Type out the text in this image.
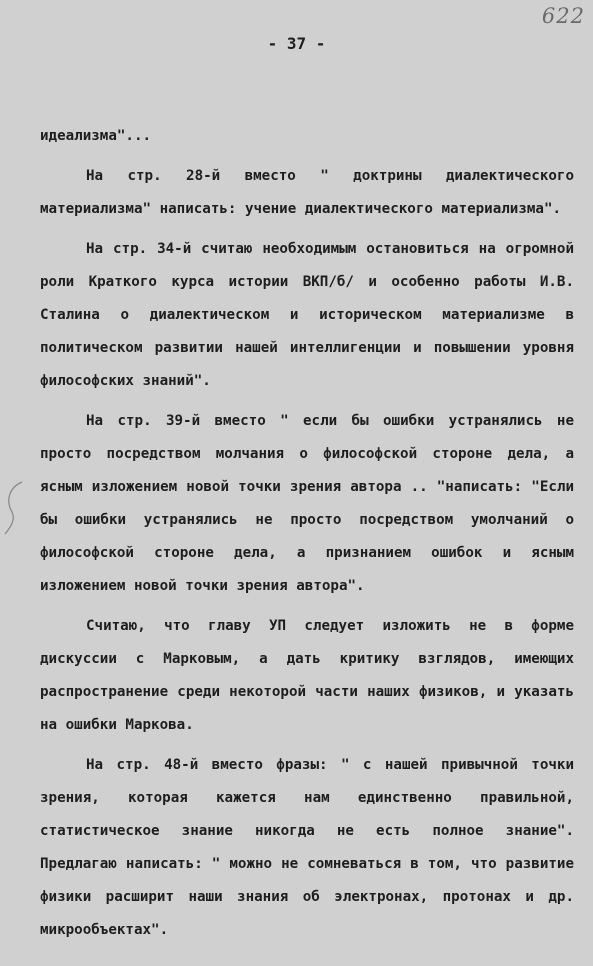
622
- 37 -

идеализма"...

На стр. 28-й вместо " доктрины диалектического материализма" написать: учение диалектического материализма".

На стр. 34-й считаю необходимым остановиться на огромной роли Краткого курса истории ВКП/б/ и особенно работы И.В. Сталина о диалектическом и историческом материализме в политическом развитии нашей интеллигенции и повышении уровня философских знаний".

На стр. 39-й вместо " если бы ошибки устранялись не просто посредством молчания о философской стороне дела, а ясным изложением новой точки зрения автора .. "написать: "Если бы ошибки устранялись не просто посредством умолчаний о философской стороне дела, а признанием ошибок и ясным изложением новой точки зрения автора".

Считаю, что главу УП следует изложить не в форме дискуссии с Марковым, а дать критику взглядов, имеющих распространение среди некоторой части наших физиков, и указать на ошибки Маркова.

На стр. 48-й вместо фразы: " с нашей привычной точки зрения, которая кажется нам единственно правильной, статистическое знание никогда не есть полное знание". Предлагаю написать: " можно не сомневаться в том, что развитие физики расширит наши знания об электронах, протонах и др. микрообъектах".
